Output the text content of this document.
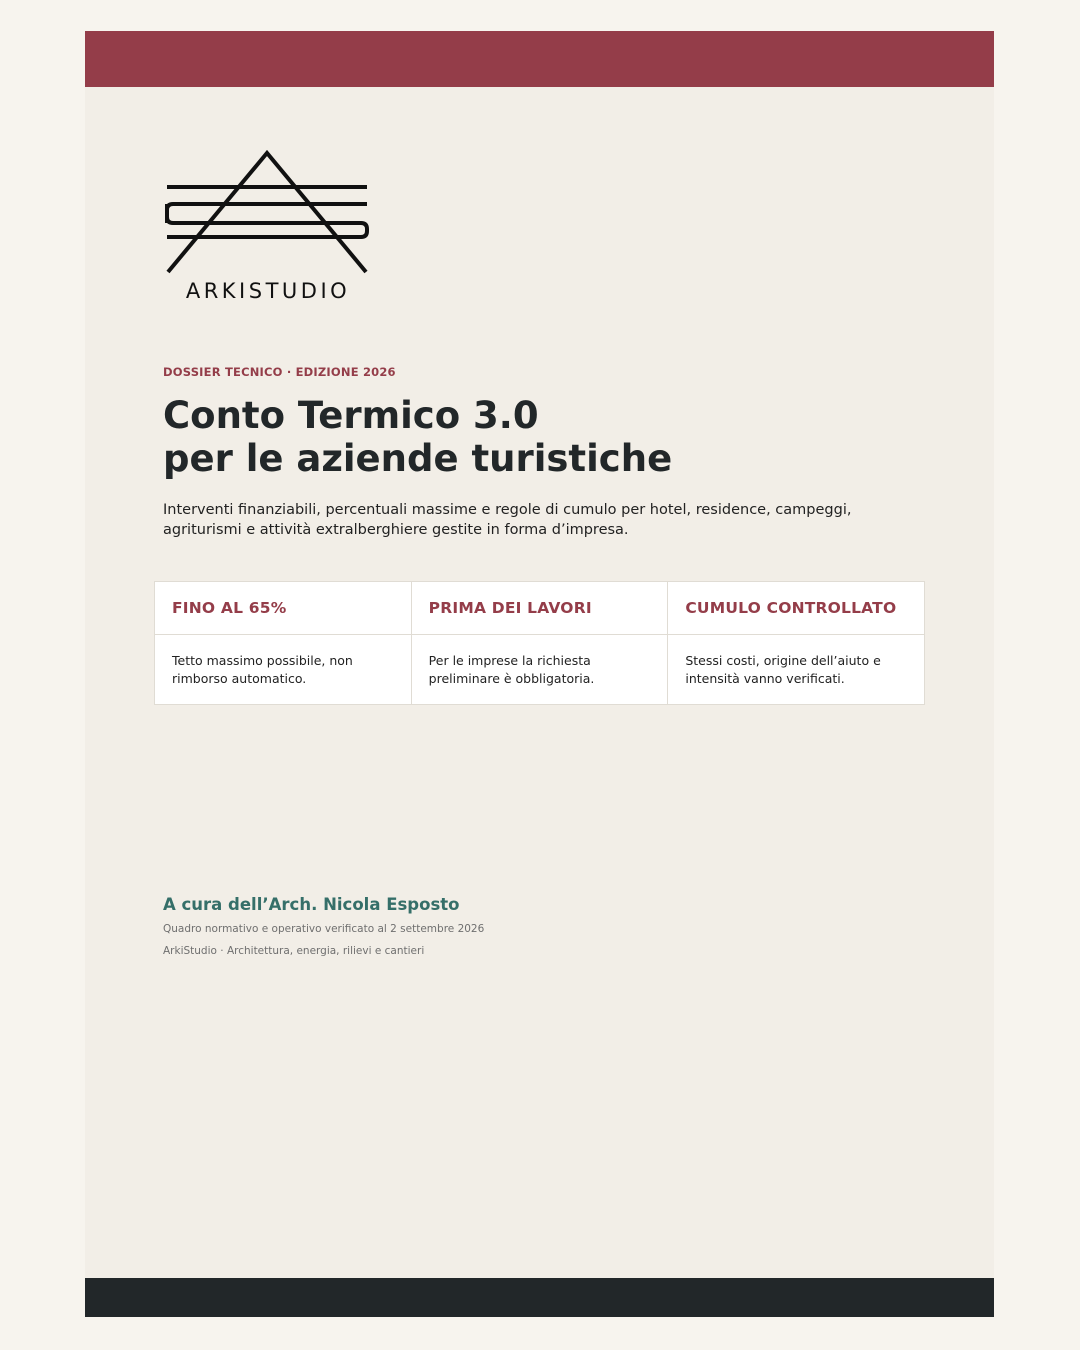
ARKISTUDIO
DOSSIER TECNICO · EDIZIONE 2026
Conto Termico 3.0
per le aziende turistiche

Interventi finanziabili, percentuali massime e regole di cumulo per hotel, residence, campeggi, agriturismi e attività extralberghiere gestite in forma d’impresa.

FINO AL 65%
Tetto massimo possibile, non rimborso automatico.
PRIMA DEI LAVORI
Per le imprese la richiesta preliminare è obbligatoria.
CUMULO CONTROLLATO
Stessi costi, origine dell’aiuto e intensità vanno verificati.
A cura dell’Arch. Nicola Esposto
Quadro normativo e operativo verificato al 2 settembre 2026
ArkiStudio · Architettura, energia, rilievi e cantieri
